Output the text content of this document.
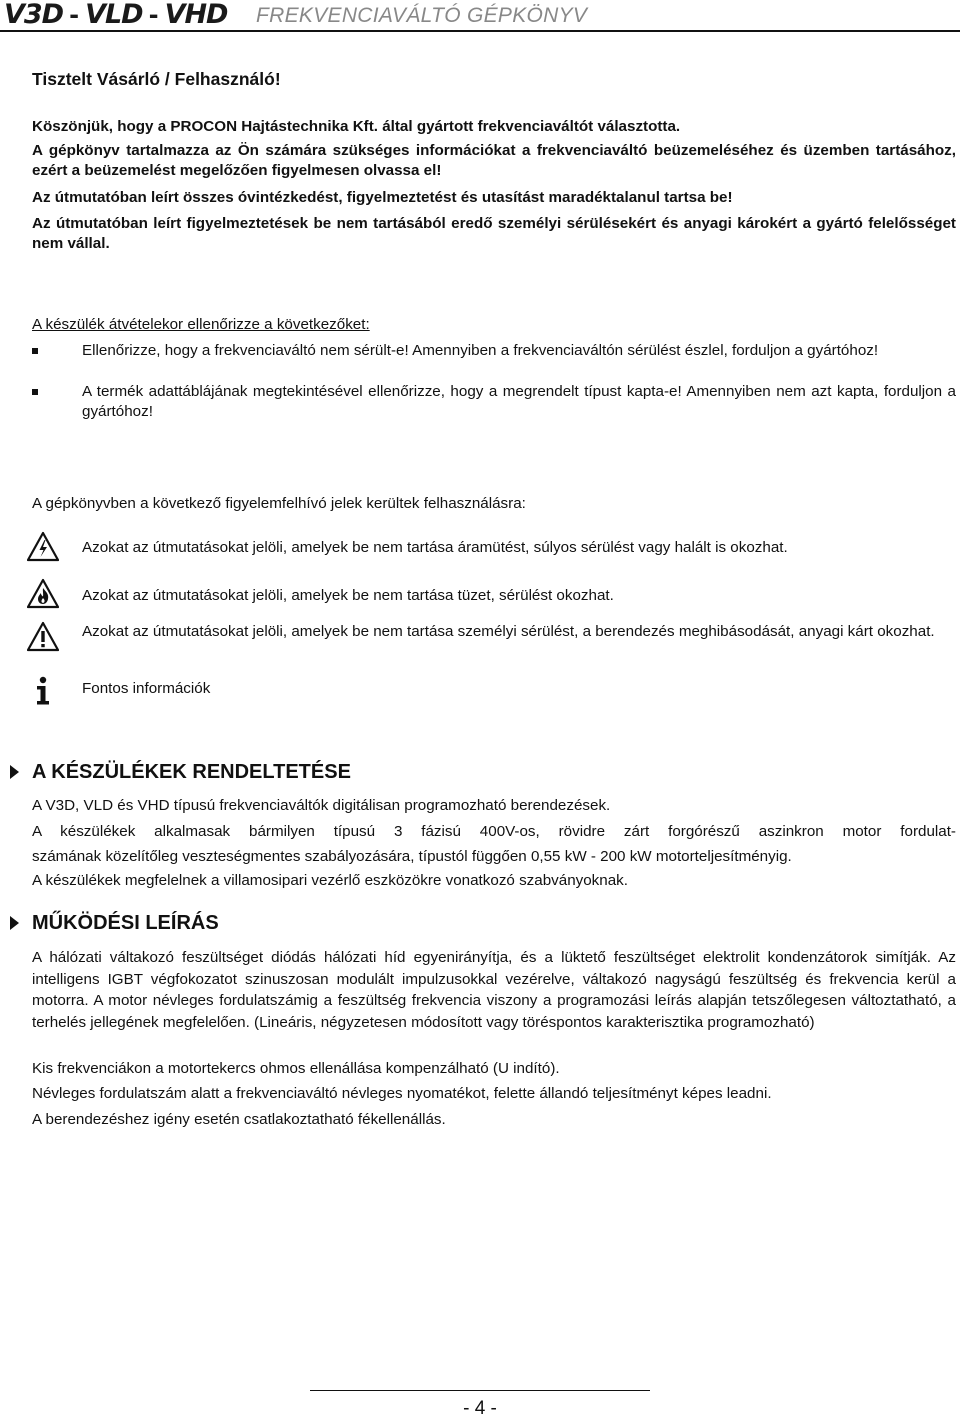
V3D - VLD - VHD FREKVENCIAVÁLTÓ GÉPKÖNYV
Tisztelt Vásárló / Felhasználó!
Köszönjük, hogy a PROCON Hajtástechnika Kft. által gyártott frekvenciaváltót választotta.
A gépkönyv tartalmazza az Ön számára szükséges információkat a frekvenciaváltó beüzemeléséhez és üzemben tartásához, ezért a beüzemelést megelőzően figyelmesen olvassa el!
Az útmutatóban leírt összes óvintézkedést, figyelmeztetést és utasítást maradéktalanul tartsa be!
Az útmutatóban leírt figyelmeztetések be nem tartásából eredő személyi sérülésekért és anyagi károkért a gyártó felelősséget nem vállal.
A készülék átvételekor ellenőrizze a következőket:
Ellenőrizze, hogy a frekvenciaváltó nem sérült-e! Amennyiben a frekvenciaváltón sérülést észlel, forduljon a gyártóhoz!
A termék adattáblájának megtekintésével ellenőrizze, hogy a megrendelt típust kapta-e! Amennyiben nem azt kapta, forduljon a gyártóhoz!
A gépkönyvben a következő figyelemfelhívó jelek kerültek felhasználásra:
Azokat az útmutatásokat jelöli, amelyek be nem tartása áramütést, súlyos sérülést vagy halált is okozhat.
Azokat az útmutatásokat jelöli, amelyek be nem tartása tüzet, sérülést okozhat.
Azokat az útmutatásokat jelöli, amelyek be nem tartása személyi sérülést, a berendezés meghibásodását, anyagi kárt okozhat.
Fontos információk
A KÉSZÜLÉKEK RENDELTETÉSE
A V3D, VLD és VHD típusú frekvenciaváltók digitálisan programozható berendezések.
A készülékek alkalmasak bármilyen típusú 3 fázisú 400V-os, rövidre zárt forgórészű aszinkron motor fordulat-
számának közelítőleg veszteségmentes szabályozására, típustól függően 0,55 kW - 200 kW motorteljesítményig.
A készülékek megfelelnek a villamosipari vezérlő eszközökre vonatkozó szabványoknak.
MŰKÖDÉSI LEÍRÁS
A hálózati váltakozó feszültséget diódás hálózati híd egyenirányítja, és a lüktető feszültséget elektrolit kondenzátorok simítják. Az intelligens IGBT végfokozatot szinuszosan modulált impulzusokkal vezérelve, váltakozó nagyságú feszültség és frekvencia kerül a motorra. A motor névleges fordulatszámig a feszültség frekvencia viszony a programozási leírás alapján tetszőlegesen változtatható, a terhelés jellegének megfelelően. (Lineáris, négyzetesen módosított vagy töréspontos karakterisztika programozható)
Kis frekvenciákon a motortekercs ohmos ellenállása kompenzálható (U indító).
Névleges fordulatszám alatt a frekvenciaváltó névleges nyomatékot, felette állandó teljesítményt képes leadni.
A berendezéshez igény esetén csatlakoztatható fékellenállás.
- 4 -
